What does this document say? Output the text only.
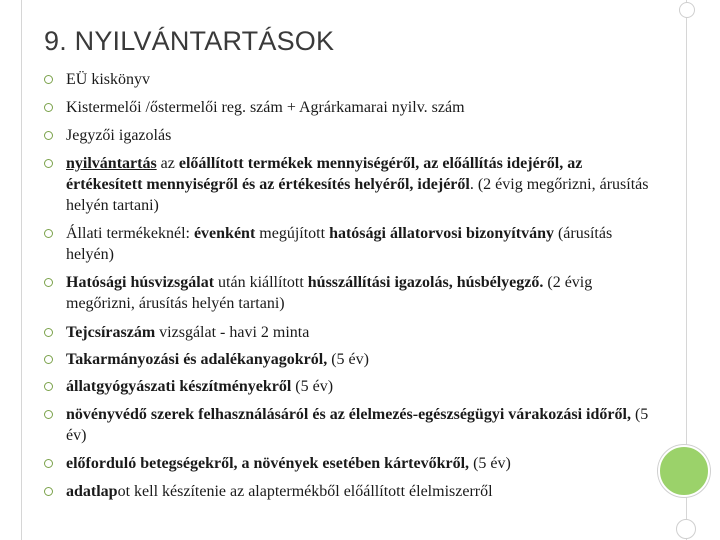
9. NYILVÁNTARTÁSOK
EÜ kiskönyv
Kistermelői /őstermelői reg. szám + Agrárkamarai nyilv. szám
Jegyzői igazolás
nyilvántartás az előállított termékek mennyiségéről, az előállítás idejéről, az értékesített mennyiségről és az értékesítés helyéről, idejéről. (2 évig megőrizni, árusítás helyén tartani)
Állati termékeknél: évenként megújított hatósági állatorvosi bizonyítvány (árusítás helyén)
Hatósági húsvizsgálat után kiállított hússzállítási igazolás, húsbélyegző. (2 évig megőrizni, árusítás helyén tartani)
Tejcsíraszám vizsgálat - havi 2 minta
Takarmányozási és adalékanyagokról, (5 év)
állatgyógyászati készítményekről (5 év)
növényvédő szerek felhasználásáról és az élelmezés-egészségügyi várakozási időről, (5 év)
előforduló betegségekről, a növények esetében kártevőkről, (5 év)
adatlapot kell készítenie az alaptermékből előállított élelmiszerről
